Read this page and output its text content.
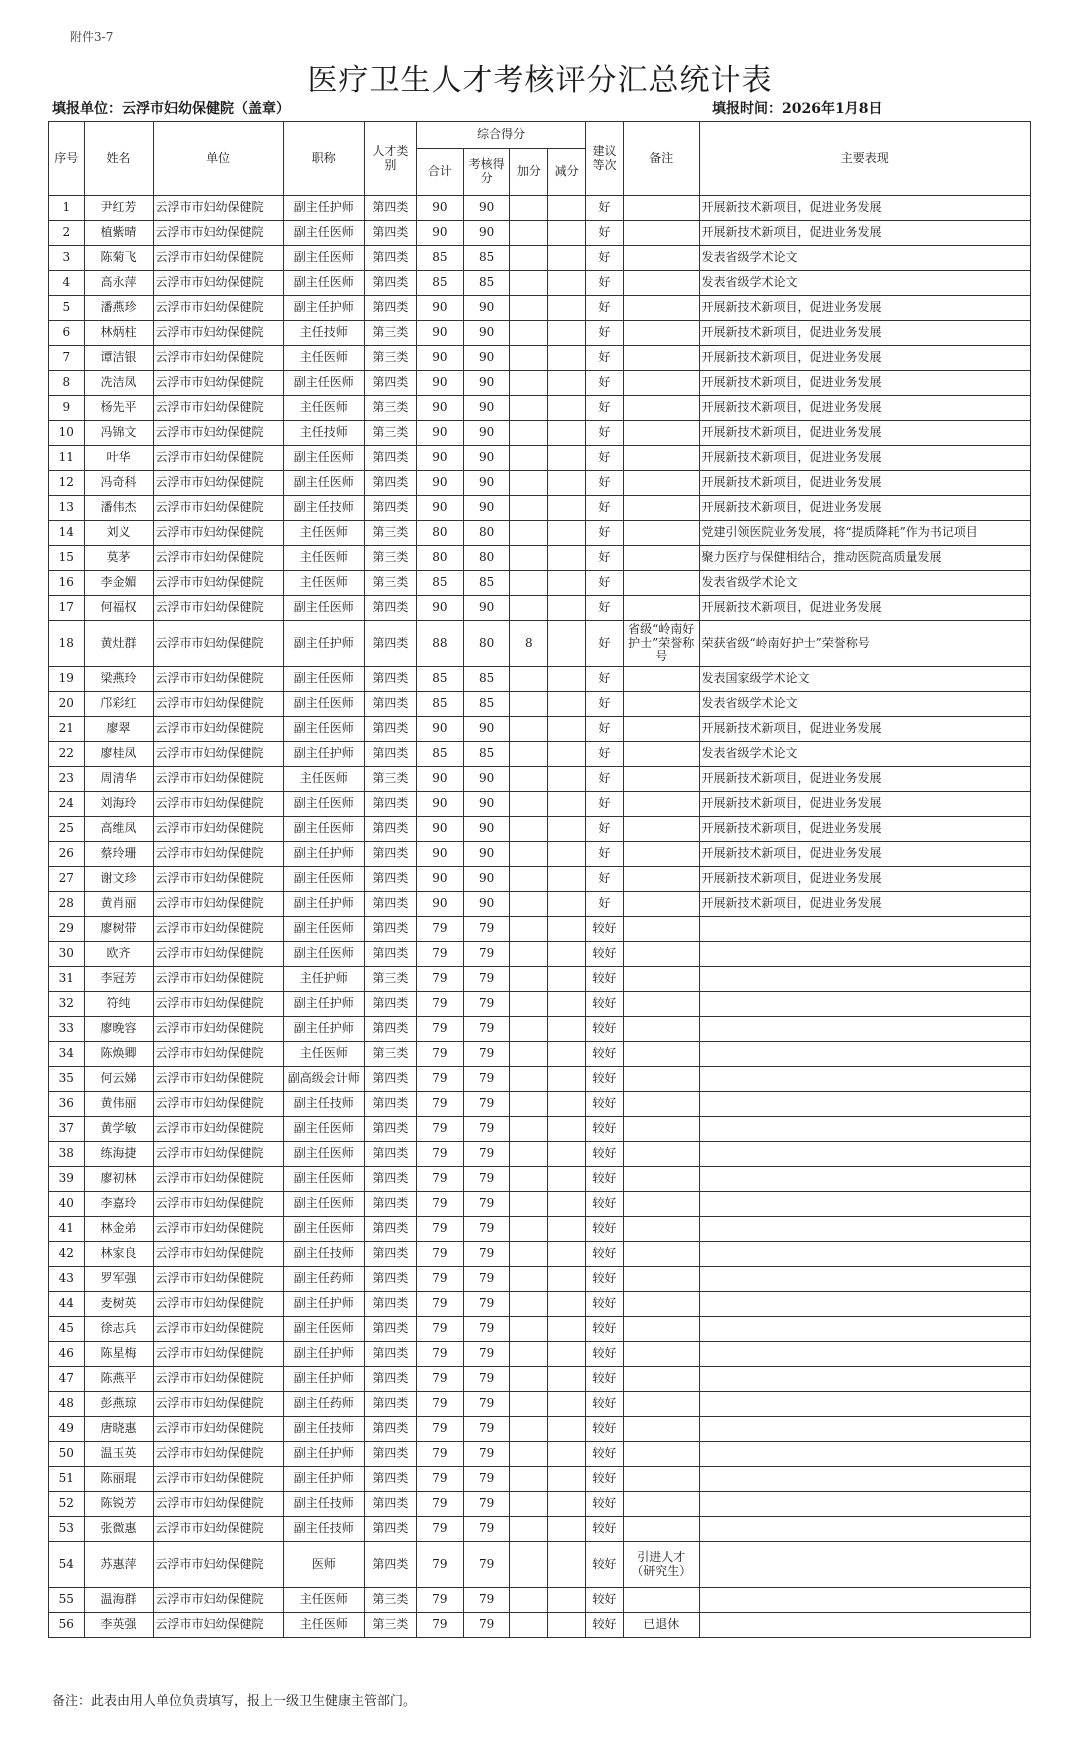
附件3-7
医疗卫生人才考核评分汇总统计表
填报单位：云浮市妇幼保健院（盖章）	填报时间：2026年1月8日
序号	姓名	单位	职称	人才类别	综合得分				建议等次	备注	主要表现
					合计	考核得分	加分	减分			
1	尹红芳	云浮市市妇幼保健院	副主任护师	第四类	90	90			好		开展新技术新项目，促进业务发展
2	植紫晴	云浮市市妇幼保健院	副主任医师	第四类	90	90			好		开展新技术新项目，促进业务发展
3	陈菊飞	云浮市市妇幼保健院	副主任医师	第四类	85	85			好		发表省级学术论文
4	高永萍	云浮市市妇幼保健院	副主任医师	第四类	85	85			好		发表省级学术论文
5	潘燕珍	云浮市市妇幼保健院	副主任护师	第四类	90	90			好		开展新技术新项目，促进业务发展
6	林炳柱	云浮市市妇幼保健院	主任技师	第三类	90	90			好		开展新技术新项目，促进业务发展
7	谭洁银	云浮市市妇幼保健院	主任医师	第三类	90	90			好		开展新技术新项目，促进业务发展
8	冼洁凤	云浮市市妇幼保健院	副主任医师	第四类	90	90			好		开展新技术新项目，促进业务发展
9	杨先平	云浮市市妇幼保健院	主任医师	第三类	90	90			好		开展新技术新项目，促进业务发展
10	冯锦文	云浮市市妇幼保健院	主任技师	第三类	90	90			好		开展新技术新项目，促进业务发展
11	叶华	云浮市市妇幼保健院	副主任医师	第四类	90	90			好		开展新技术新项目，促进业务发展
12	冯奇科	云浮市市妇幼保健院	副主任医师	第四类	90	90			好		开展新技术新项目，促进业务发展
13	潘伟杰	云浮市市妇幼保健院	副主任技师	第四类	90	90			好		开展新技术新项目，促进业务发展
14	刘义	云浮市市妇幼保健院	主任医师	第三类	80	80			好		党建引领医院业务发展，将“提质降耗”作为书记项目
15	莫茅	云浮市市妇幼保健院	主任医师	第三类	80	80			好		聚力医疗与保健相结合，推动医院高质量发展
16	李金媚	云浮市市妇幼保健院	主任医师	第三类	85	85			好		发表省级学术论文
17	何福权	云浮市市妇幼保健院	副主任医师	第四类	90	90			好		开展新技术新项目，促进业务发展
18	黄灶群	云浮市市妇幼保健院	副主任护师	第四类	88	80	8		好	省级“岭南好护士”荣誉称号	荣获省级“岭南好护士”荣誉称号
19	梁燕玲	云浮市市妇幼保健院	副主任医师	第四类	85	85			好		发表国家级学术论文
20	邝彩红	云浮市市妇幼保健院	副主任医师	第四类	85	85			好		发表省级学术论文
21	廖翠	云浮市市妇幼保健院	副主任医师	第四类	90	90			好		开展新技术新项目，促进业务发展
22	廖桂凤	云浮市市妇幼保健院	副主任护师	第四类	85	85			好		发表省级学术论文
23	周清华	云浮市市妇幼保健院	主任医师	第三类	90	90			好		开展新技术新项目，促进业务发展
24	刘海玲	云浮市市妇幼保健院	副主任医师	第四类	90	90			好		开展新技术新项目，促进业务发展
25	高维凤	云浮市市妇幼保健院	副主任医师	第四类	90	90			好		开展新技术新项目，促进业务发展
26	蔡玲珊	云浮市市妇幼保健院	副主任护师	第四类	90	90			好		开展新技术新项目，促进业务发展
27	谢文珍	云浮市市妇幼保健院	副主任医师	第四类	90	90			好		开展新技术新项目，促进业务发展
28	黄肖丽	云浮市市妇幼保健院	副主任护师	第四类	90	90			好		开展新技术新项目，促进业务发展
29	廖树带	云浮市市妇幼保健院	副主任医师	第四类	79	79			较好		
30	欧齐	云浮市市妇幼保健院	副主任医师	第四类	79	79			较好		
31	李冠芳	云浮市市妇幼保健院	主任护师	第三类	79	79			较好		
32	符纯	云浮市市妇幼保健院	副主任护师	第四类	79	79			较好		
33	廖晚容	云浮市市妇幼保健院	副主任护师	第四类	79	79			较好		
34	陈焕卿	云浮市市妇幼保健院	主任医师	第三类	79	79			较好		
35	何云娣	云浮市市妇幼保健院	副高级会计师	第四类	79	79			较好		
36	黄伟丽	云浮市市妇幼保健院	副主任技师	第四类	79	79			较好		
37	黄学敏	云浮市市妇幼保健院	副主任医师	第四类	79	79			较好		
38	练海捷	云浮市市妇幼保健院	副主任医师	第四类	79	79			较好		
39	廖初林	云浮市市妇幼保健院	副主任医师	第四类	79	79			较好		
40	李嘉玲	云浮市市妇幼保健院	副主任医师	第四类	79	79			较好		
41	林金弟	云浮市市妇幼保健院	副主任医师	第四类	79	79			较好		
42	林家良	云浮市市妇幼保健院	副主任技师	第四类	79	79			较好		
43	罗军强	云浮市市妇幼保健院	副主任药师	第四类	79	79			较好		
44	麦树英	云浮市市妇幼保健院	副主任护师	第四类	79	79			较好		
45	徐志兵	云浮市市妇幼保健院	副主任医师	第四类	79	79			较好		
46	陈星梅	云浮市市妇幼保健院	副主任护师	第四类	79	79			较好		
47	陈燕平	云浮市市妇幼保健院	副主任护师	第四类	79	79			较好		
48	彭燕琼	云浮市市妇幼保健院	副主任药师	第四类	79	79			较好		
49	唐晓惠	云浮市市妇幼保健院	副主任技师	第四类	79	79			较好		
50	温玉英	云浮市市妇幼保健院	副主任护师	第四类	79	79			较好		
51	陈丽琨	云浮市市妇幼保健院	副主任护师	第四类	79	79			较好		
52	陈锐芳	云浮市市妇幼保健院	副主任技师	第四类	79	79			较好		
53	张微惠	云浮市市妇幼保健院	副主任技师	第四类	79	79			较好		
54	苏惠萍	云浮市市妇幼保健院	医师	第四类	79	79			较好	引进人才（研究生）	
55	温海群	云浮市市妇幼保健院	主任医师	第三类	79	79			较好		
56	李英强	云浮市市妇幼保健院	主任医师	第三类	79	79			较好	已退休	
备注：此表由用人单位负责填写，报上一级卫生健康主管部门。
